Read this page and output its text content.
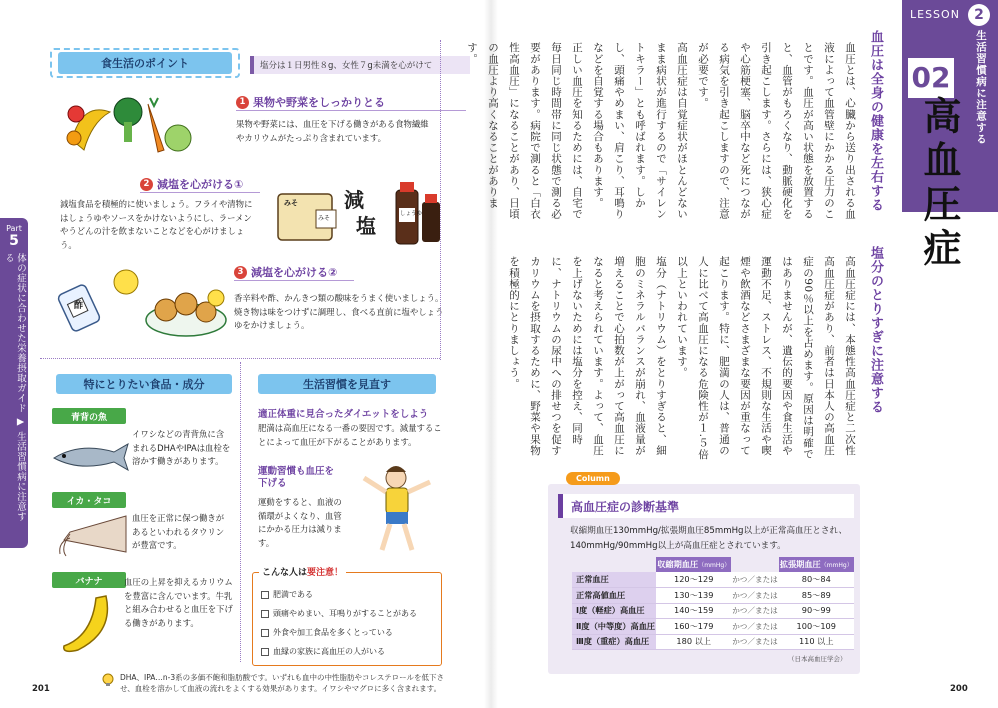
Part
5
体の症状に合わせた栄養摂取ガイド ▶ 生活習慣病に注意する
食生活のポイント	塩分は１日男性８g、女性７g未満を心がけて
1 果物や野菜をしっかりとる
果物や野菜には、血圧を下げる働きがある食物繊維やカリウムがたっぷり含まれています。
2 減塩を心がける①
減塩食品を積極的に使いましょう。フライや清物にはしょうゆやソースをかけないようにし、ラーメンやうどんの汁を飲まないことなどを心がけましょう。
みそ
みそ
減
塩	しょうゆ
3 減塩を心がける②
香辛料や酢、かんきつ類の酸味をうまく使いましょう。焼き物は味をつけずに調理し、食べる直前に塩やしょうゆをかけましょう。
酢
特にとりたい食品・成分
青背の魚
イワシなどの青背魚に含まれるDHAやIPAは血栓を溶かす働きがあります。
イカ・タコ
血圧を正常に保つ働きがあるといわれるタウリンが豊富です。
バナナ	血圧の上昇を抑えるカリウムを豊富に含んでいます。牛乳と組み合わせると血圧を下げる働きがあります。
生活習慣を見直す
適正体重に見合ったダイエットをしよう
肥満は高血圧になる一番の要因です。減量することによって血圧が下がることがあります。
運動習慣も血圧を下げる
運動をすると、血液の循環がよくなり、血管にかかる圧力は減ります。
こんな人は要注意！
肥満である
頭痛やめまい、耳鳴りがすることがある
外食や加工食品を多くとっている
血縁の家族に高血圧の人がいる
DHA、IPA…n-3系の多価不飽和脂肪酸です。いずれも血中の中性脂肪やコレステロールを低下させ、血栓を溶かして血液の流れをよくする効果があります。イワシやマグロに多く含まれます。
201
LESSON	2
生活習慣病に注意する
02
高血圧症
血圧は全身の健康を左右する

血圧とは、心臓から送り出される血液によって血管壁にかかる圧力のことです。血圧が高い状態を放置すると、血管がもろくなり、動脈硬化を引き起こします。さらには、狭心症や心筋梗塞、脳卒中など死につながる病気を引き起こしますので、注意が必要です。

高血圧症は自覚症状がほとんどないまま病状が進行するので「サイレントキラー」とも呼ばれます。しかし、頭痛やめまい、肩こり、耳鳴りなどを自覚する場合もあります。

正しい血圧を知るためには、自宅で毎日同じ時間帯に同じ状態で測る必要があります。病院で測ると「白衣性高血圧」になることがあり、日頃の血圧より高くなることがあります。

塩分のとりすぎに注意する

高血圧症には、本態性高血圧症と二次性高血圧症があり、前者は日本人の高血圧症の90％以上を占めます。原因は明確ではありませんが、遺伝的要因や食生活や運動不足、ストレス、不規則な生活や喫煙や飲酒などさまざまな要因が重なって起こります。特に、肥満の人は、普通の人に比べて高血圧になる危険性が１.５倍以上といわれています。

塩分（ナトリウム）をとりすぎると、細胞のミネラルバランスが崩れ、血液量が増えることで心拍数が上がって高血圧になると考えられています。よって、血圧を上げないためには塩分を控え、同時に、ナトリウムの尿中への排せつを促すカリウムを摂取するために、野菜や果物を積極的にとりましょう。

Column
高血圧症の診断基準
収縮期血圧130mmHg/拡張期血圧85mmHg以上が正常高血圧とされ、140mmHg/90mmHg以上が高血圧症とされています。
	収縮期血圧（mmHg）		拡張期血圧（mmHg）
正常血圧	120〜129	かつ／または	80〜84
正常高値血圧	130〜139	かつ／または	85〜89
Ⅰ度（軽症）高血圧	140〜159	かつ／または	90〜99
Ⅱ度（中等度）高血圧	160〜179	かつ／または	100〜109
Ⅲ度（重症）高血圧	180 以上	かつ／または	110 以上
（日本高血圧学会）
200
